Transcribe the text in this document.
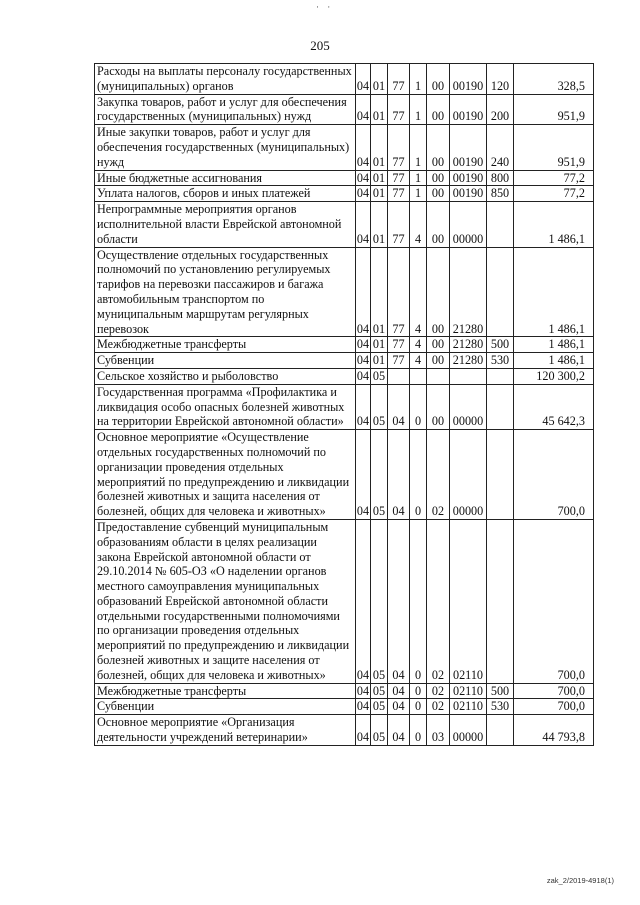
· ·
205
Расходы на выплаты персоналу государственных (муниципальных) органов	04	01	77	1	00	00190	120	328,5
Закупка товаров, работ и услуг для обеспечения государственных (муниципальных) нужд	04	01	77	1	00	00190	200	951,9
Иные закупки товаров, работ и услуг для обеспечения государственных (муниципальных) нужд	04	01	77	1	00	00190	240	951,9
Иные бюджетные ассигнования	04	01	77	1	00	00190	800	77,2
Уплата налогов, сборов и иных платежей	04	01	77	1	00	00190	850	77,2
Непрограммные мероприятия органов исполнительной власти Еврейской автономной области	04	01	77	4	00	00000		1 486,1
Осуществление отдельных государственных полномочий по установлению регулируемых тарифов на перевозки пассажиров и багажа автомобильным транспортом по муниципальным маршрутам регулярных перевозок	04	01	77	4	00	21280		1 486,1
Межбюджетные трансферты	04	01	77	4	00	21280	500	1 486,1
Субвенции	04	01	77	4	00	21280	530	1 486,1
Сельское хозяйство и рыболовство	04	05						120 300,2
Государственная программа «Профилактика и ликвидация особо опасных болезней животных на территории Еврейской автономной области»	04	05	04	0	00	00000		45 642,3
Основное мероприятие «Осуществление отдельных государственных полномочий по организации проведения отдельных мероприятий по предупреждению и ликвидации болезней животных и защита населения от болезней, общих для человека и животных»	04	05	04	0	02	00000		700,0
Предоставление субвенций муниципальным образованиям области в целях реализации закона Еврейской автономной области от 29.10.2014 № 605-ОЗ «О наделении органов местного самоуправления муниципальных образований Еврейской автономной области отдельными государственными полномочиями по организации проведения отдельных мероприятий по предупреждению и ликвидации болезней животных и защите населения от болезней, общих для человека и животных»	04	05	04	0	02	02110		700,0
Межбюджетные трансферты	04	05	04	0	02	02110	500	700,0
Субвенции	04	05	04	0	02	02110	530	700,0
Основное мероприятие «Организация деятельности учреждений ветеринарии»	04	05	04	0	03	00000		44 793,8
zak_2/2019-4918(1)
